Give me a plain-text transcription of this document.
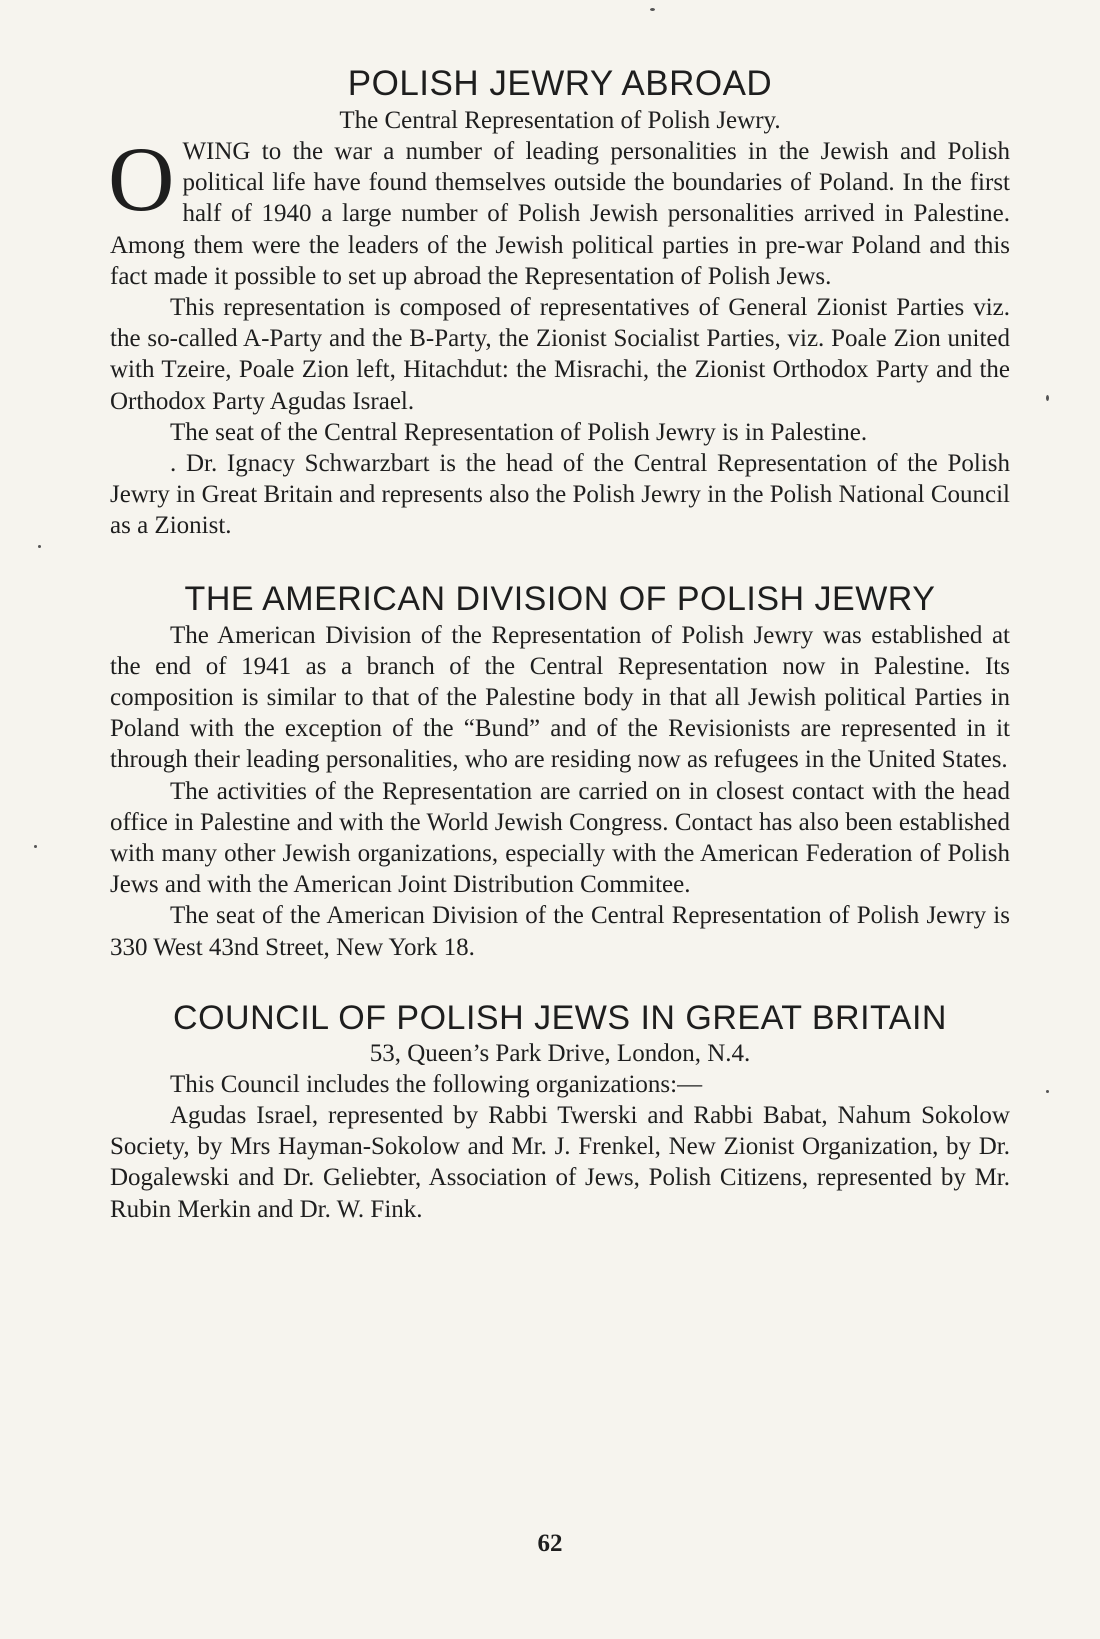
POLISH JEWRY ABROAD

The Central Representation of Polish Jewry.

OWING to the war a number of leading personalities in the Jewish and Polish political life have found themselves outside the boundaries of Poland. In the first half of 1940 a large number of Polish Jewish personalities arrived in Palestine. Among them were the leaders of the Jewish political parties in pre-war Poland and this fact made it possible to set up abroad the Representation of Polish Jews.

This representation is composed of representatives of General Zionist Parties viz. the so-called A-Party and the B-Party, the Zionist Socialist Parties, viz. Poale Zion united with Tzeire, Poale Zion left, Hitachdut: the Misrachi, the Zionist Orthodox Party and the Orthodox Party Agudas Israel.

The seat of the Central Representation of Polish Jewry is in Palestine.

. Dr. Ignacy Schwarzbart is the head of the Central Representation of the Polish Jewry in Great Britain and represents also the Polish Jewry in the Polish National Council as a Zionist.

THE AMERICAN DIVISION OF POLISH JEWRY

The American Division of the Representation of Polish Jewry was established at the end of 1941 as a branch of the Central Representation now in Palestine. Its composition is similar to that of the Palestine body in that all Jewish political Parties in Poland with the exception of the “Bund” and of the Revisionists are represented in it through their leading personalities, who are residing now as refugees in the United States.

The activities of the Representation are carried on in closest contact with the head office in Palestine and with the World Jewish Congress. Contact has also been established with many other Jewish organizations, especially with the American Federation of Polish Jews and with the American Joint Distribution Commitee.

The seat of the American Division of the Central Representation of Polish Jewry is 330 West 43nd Street, New York 18.

COUNCIL OF POLISH JEWS IN GREAT BRITAIN

53, Queen’s Park Drive, London, N.4.

This Council includes the following organizations:—

Agudas Israel, represented by Rabbi Twerski and Rabbi Babat, Nahum Sokolow Society, by Mrs Hayman-Sokolow and Mr. J. Frenkel, New Zionist Organization, by Dr. Dogalewski and Dr. Geliebter, Association of Jews, Polish Citizens, represented by Mr. Rubin Merkin and Dr. W. Fink.

62
